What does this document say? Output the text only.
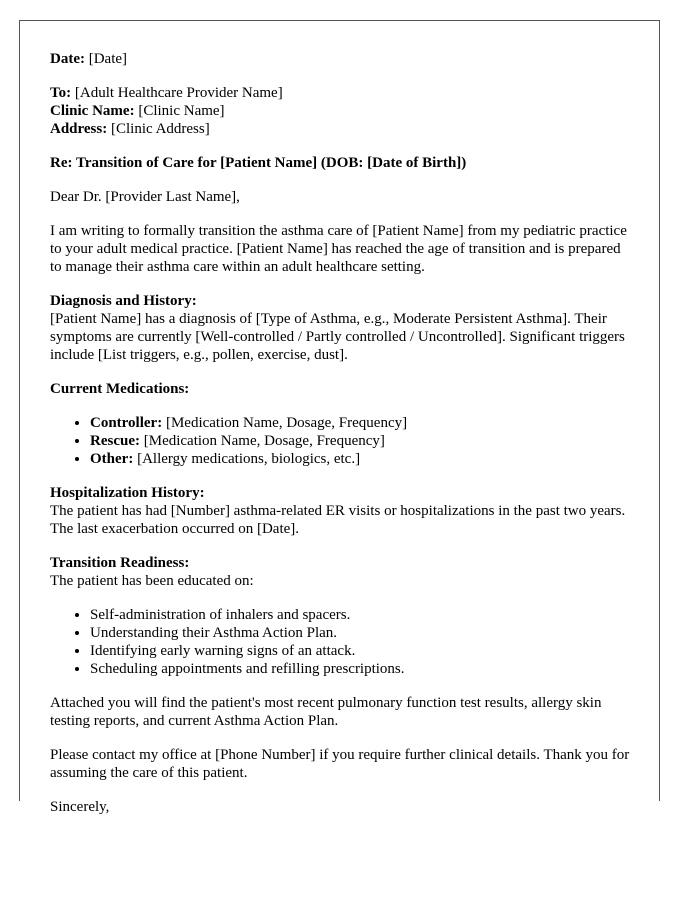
Date: [Date]

To: [Adult Healthcare Provider Name]
Clinic Name: [Clinic Name]
Address: [Clinic Address]

Re: Transition of Care for [Patient Name] (DOB: [Date of Birth])

Dear Dr. [Provider Last Name],

I am writing to formally transition the asthma care of [Patient Name] from my pediatric practice to your adult medical practice. [Patient Name] has reached the age of transition and is prepared to manage their asthma care within an adult healthcare setting.

Diagnosis and History:
[Patient Name] has a diagnosis of [Type of Asthma, e.g., Moderate Persistent Asthma]. Their symptoms are currently [Well-controlled / Partly controlled / Uncontrolled]. Significant triggers include [List triggers, e.g., pollen, exercise, dust].

Current Medications:

• Controller: [Medication Name, Dosage, Frequency]
• Rescue: [Medication Name, Dosage, Frequency]
• Other: [Allergy medications, biologics, etc.]
Hospitalization History:
The patient has had [Number] asthma-related ER visits or hospitalizations in the past two years. The last exacerbation occurred on [Date].

Transition Readiness:
The patient has been educated on:

• Self-administration of inhalers and spacers.
• Understanding their Asthma Action Plan.
• Identifying early warning signs of an attack.
• Scheduling appointments and refilling prescriptions.

Attached you will find the patient's most recent pulmonary function test results, allergy skin testing reports, and current Asthma Action Plan.

Please contact my office at [Phone Number] if you require further clinical details. Thank you for assuming the care of this patient.

Sincerely,
